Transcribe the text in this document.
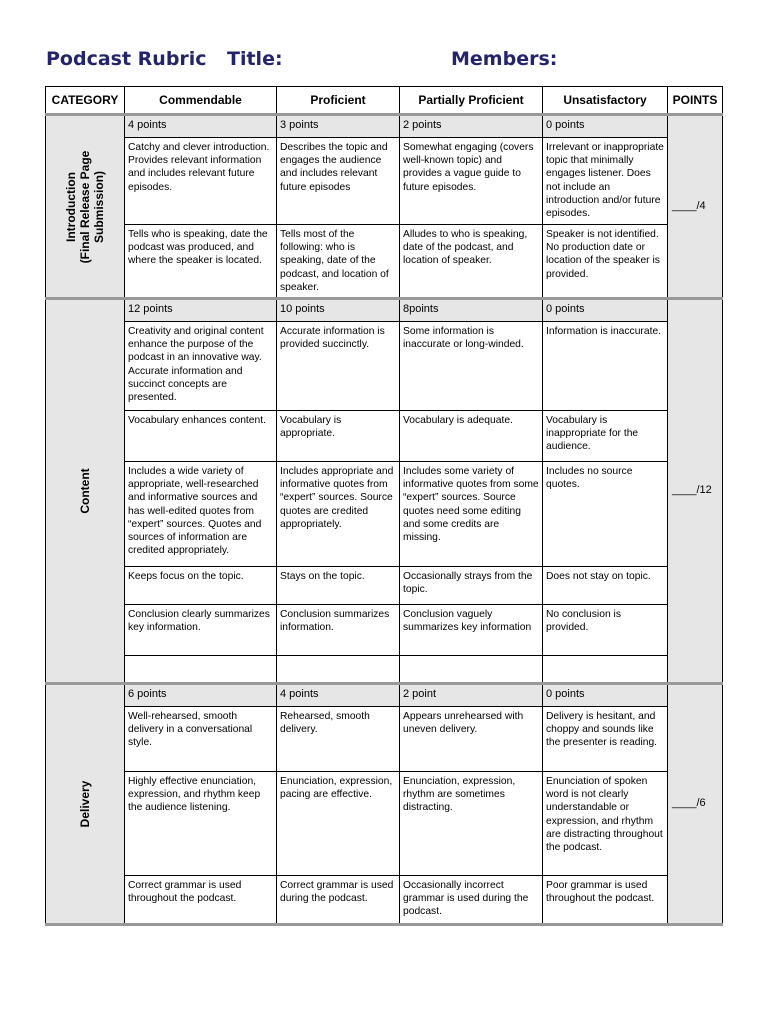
Podcast Rubric Title:	Members:
CATEGORY	Commendable	Proficient	Partially Proficient	Unsatisfactory	POINTS

Introduction
(Final Release Page
Submission)	4 points	3 points	2 points	0 points	____/4
	Catchy and clever introduction. Provides relevant information and includes relevant future episodes.	Describes the topic and engages the audience and includes relevant future episodes	Somewhat engaging (covers well-known topic) and provides a vague guide to future episodes.	Irrelevant or inappropriate topic that minimally engages listener. Does not include an introduction and/or future episodes.	
	Tells who is speaking, date the podcast was produced, and where the speaker is located.	Tells most of the following: who is speaking, date of the podcast, and location of speaker.	Alludes to who is speaking, date of the podcast, and location of speaker.	Speaker is not identified. No production date or location of the speaker is provided.	

Content	12 points	10 points	8points	0 points	____/12
	Creativity and original content enhance the purpose of the podcast in an innovative way. Accurate information and succinct concepts are presented.	Accurate information is provided succinctly.	Some information is inaccurate or long-winded.	Information is inaccurate.	
	Vocabulary enhances content.	Vocabulary is appropriate.	Vocabulary is adequate.	Vocabulary is inappropriate for the audience.	
	Includes a wide variety of appropriate, well-researched and informative sources and has well-edited quotes from “expert” sources. Quotes and sources of information are credited appropriately.	Includes appropriate and informative quotes from “expert” sources. Source quotes are credited appropriately.	Includes some variety of informative quotes from some “expert” sources. Source quotes need some editing and some credits are missing.	Includes no source quotes.	
	Keeps focus on the topic.	Stays on the topic.	Occasionally strays from the topic.	Does not stay on topic.	
	Conclusion clearly summarizes key information.	Conclusion summarizes information.	Conclusion vaguely summarizes key information	No conclusion is provided.	

Delivery	6 points	4 points	2 point	0 points	____/6
	Well-rehearsed, smooth delivery in a conversational style.	Rehearsed, smooth delivery.	Appears unrehearsed with uneven delivery.	Delivery is hesitant, and choppy and sounds like the presenter is reading.	
	Highly effective enunciation, expression, and rhythm keep the audience listening.	Enunciation, expression, pacing are effective.	Enunciation, expression, rhythm are sometimes distracting.	Enunciation of spoken word is not clearly understandable or expression, and rhythm are distracting throughout the podcast.	
	Correct grammar is used throughout the podcast.	Correct grammar is used during the podcast.	Occasionally incorrect grammar is used during the podcast.	Poor grammar is used throughout the podcast.	
